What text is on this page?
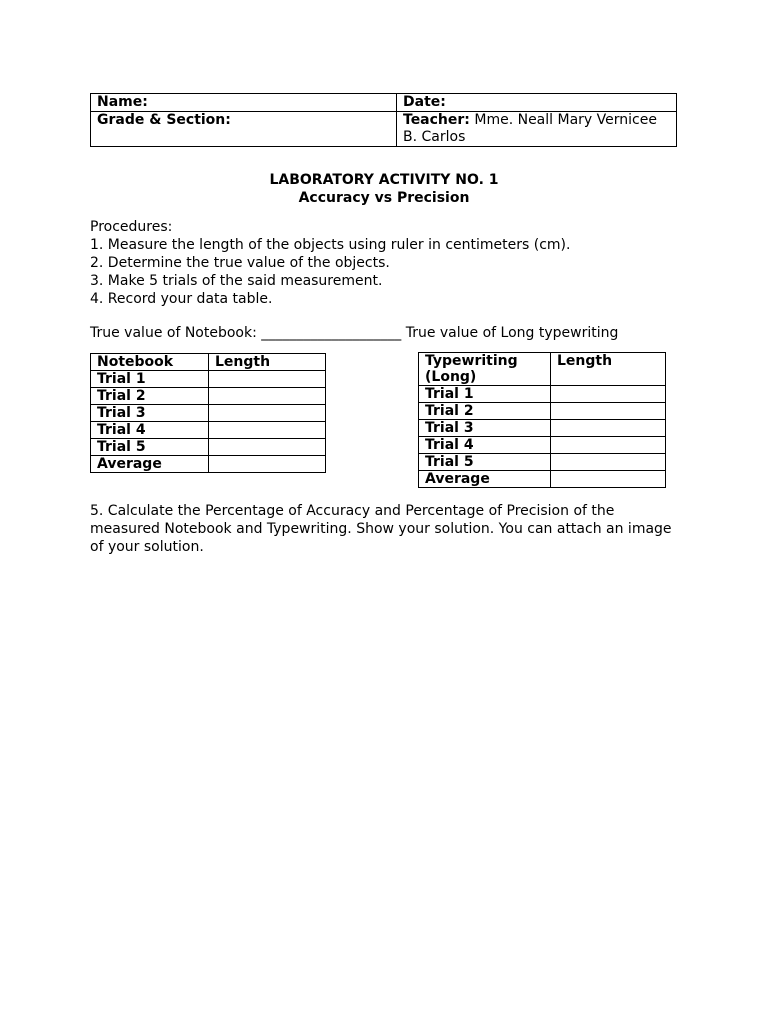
Name:	Date:
Grade & Section:	Teacher: Mme. Neall Mary Vernicee B. Carlos
LABORATORY ACTIVITY NO. 1
Accuracy vs Precision
Procedures:
1. Measure the length of the objects using ruler in centimeters (cm).
2. Determine the true value of the objects.
3. Make 5 trials of the said measurement.
4. Record your data table.
True value of Notebook: ____________________ True value of Long typewriting
Notebook	Length
Trial 1	
Trial 2	
Trial 3	
Trial 4	
Trial 5	
Average	
Typewriting (Long)	Length
Trial 1	
Trial 2	
Trial 3	
Trial 4	
Trial 5	
Average	
5. Calculate the Percentage of Accuracy and Percentage of Precision of the measured Notebook and Typewriting. Show your solution. You can attach an image of your solution.
